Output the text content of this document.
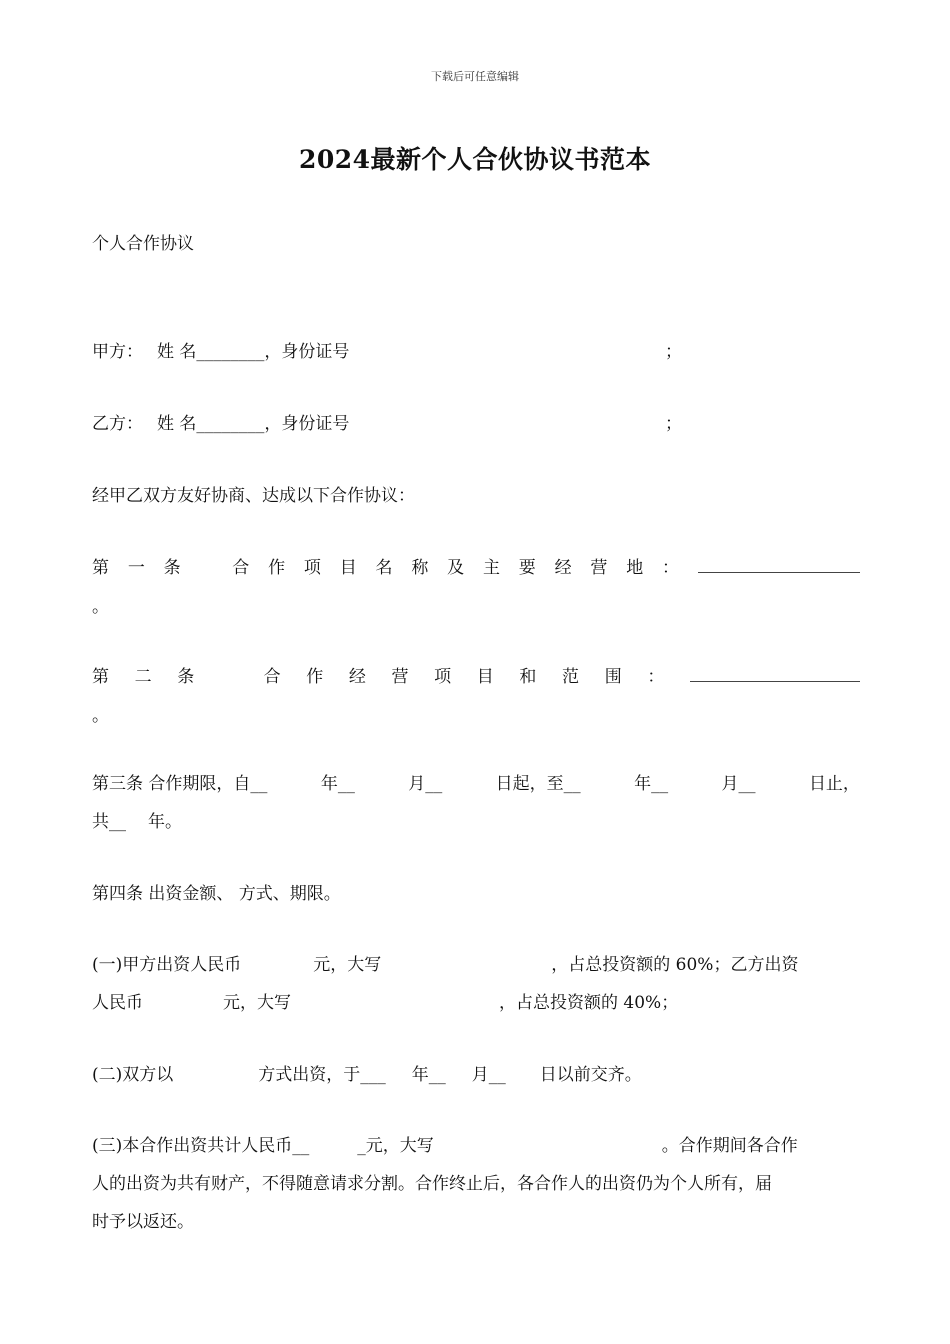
下载后可任意编辑
2024最新个人合伙协议书范本
个人合作协议
甲方： 姓 名________，身份证号	；
乙方： 姓 名________，身份证号	；
经甲乙双方友好协商、达成以下合作协议：
第 一 条	合 作 项 目 名 称 及 主 要 经 营 地 ：
。
第 二 条	合 作 经 营 项 目 和 范 围 ：
。
第三条 合作期限，自__	年__	月__	日起，至__	年__	月__	日止，
共__ 年。
第四条 出资金额、 方式、期限。
(一)甲方出资人民币	元，大写	，占总投资额的 60%；乙方出资
人民币	元，大写	，占总投资额的 40%；
(二)双方以	方式出资，于___ 年__ 月__ 日以前交齐。
(三)本合作出资共计人民币__	_元，大写	。合作期间各合作
人的出资为共有财产，不得随意请求分割。合作终止后，各合作人的出资仍为个人所有，届
时予以返还。
